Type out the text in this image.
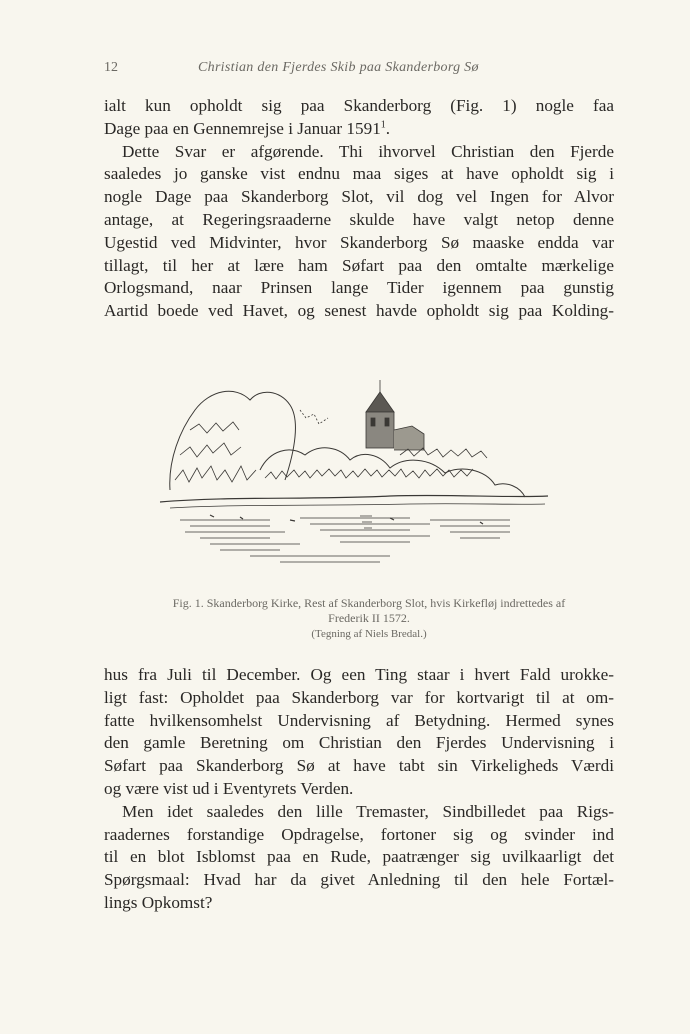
12	Christian den Fjerdes Skib paa Skanderborg Sø
ialt kun opholdt sig paa Skanderborg (Fig. 1) nogle faa
Dage paa en Gennemrejse i Januar 1591$^1$.
Dette Svar er afgørende. Thi ihvorvel Christian den Fjerde
saaledes jo ganske vist endnu maa siges at have opholdt sig i
nogle Dage paa Skanderborg Slot, vil dog vel Ingen for Alvor
antage, at Regeringsraaderne skulde have valgt netop denne
Ugestid ved Midvinter, hvor Skanderborg Sø maaske endda var
tillagt, til her at lære ham Søfart paa den omtalte mærkelige
Orlogsmand, naar Prinsen lange Tider igennem paa gunstig
Aartid boede ved Havet, og senest havde opholdt sig paa Kolding-
Fig. 1. Skanderborg Kirke, Rest af Skanderborg Slot, hvis Kirkefløj indrettedes af
Frederik II 1572.
(Tegning af Niels Bredal.)
hus fra Juli til December. Og een Ting staar i hvert Fald urokke-
ligt fast: Opholdet paa Skanderborg var for kortvarigt til at om-
fatte hvilkensomhelst Undervisning af Betydning. Hermed synes
den gamle Beretning om Christian den Fjerdes Undervisning i
Søfart paa Skanderborg Sø at have tabt sin Virkeligheds Værdi
og være vist ud i Eventyrets Verden.
Men idet saaledes den lille Tremaster, Sindbilledet paa Rigs-
raadernes forstandige Opdragelse, fortoner sig og svinder ind
til en blot Isblomst paa en Rude, paatrænger sig uvilkaarligt det
Spørgsmaal: Hvad har da givet Anledning til den hele Fortæl-
lings Opkomst?
